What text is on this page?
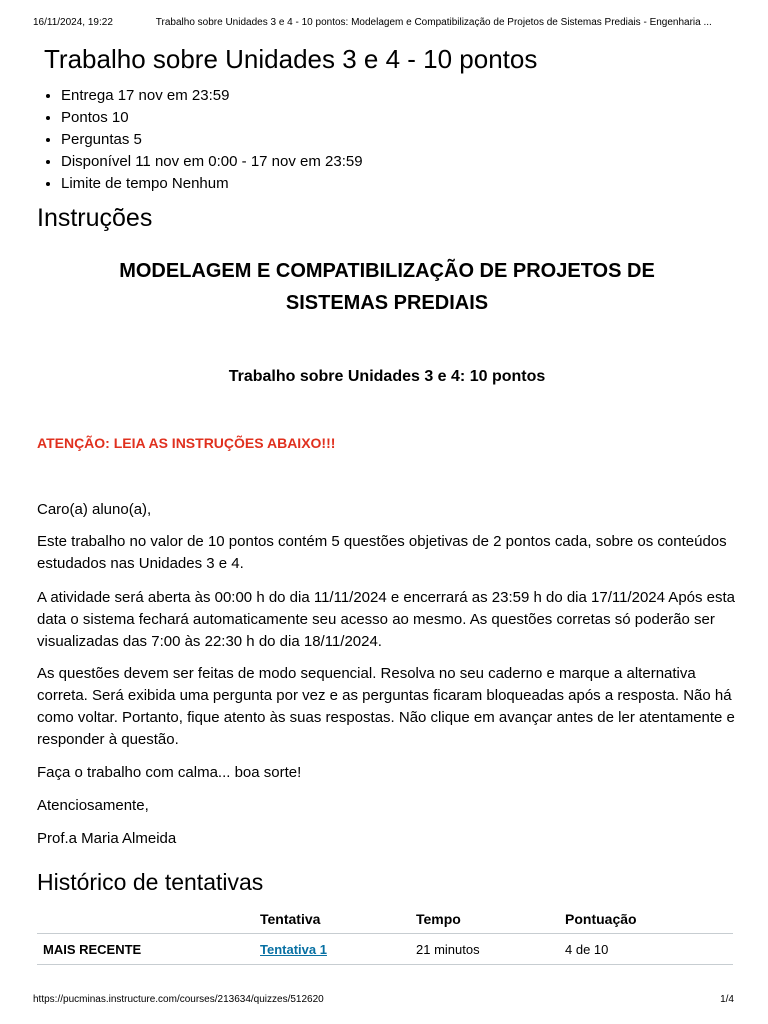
16/11/2024, 19:22	Trabalho sobre Unidades 3 e 4 - 10 pontos: Modelagem e Compatibilização de Projetos de Sistemas Prediais - Engenharia ...
Trabalho sobre Unidades 3 e 4 - 10 pontos
• Entrega 17 nov em 23:59
• Pontos 10
• Perguntas 5
• Disponível 11 nov em 0:00 - 17 nov em 23:59
• Limite de tempo Nenhum
Instruções
MODELAGEM E COMPATIBILIZAÇÃO DE PROJETOS DE
SISTEMAS PREDIAIS

Trabalho sobre Unidades 3 e 4: 10 pontos

ATENÇÃO: LEIA AS INSTRUÇÕES ABAIXO!!!

Caro(a) aluno(a),

Este trabalho no valor de 10 pontos contém 5 questões objetivas de 2 pontos cada, sobre os conteúdos estudados nas Unidades 3 e 4.

A atividade será aberta às 00:00 h do dia 11/11/2024 e encerrará as 23:59 h do dia 17/11/2024 Após esta data o sistema fechará automaticamente seu acesso ao mesmo. As questões corretas só poderão ser visualizadas das 7:00 às 22:30 h do dia 18/11/2024.

As questões devem ser feitas de modo sequencial. Resolva no seu caderno e marque a alternativa correta. Será exibida uma pergunta por vez e as perguntas ficaram bloqueadas após a resposta. Não há como voltar. Portanto, fique atento às suas respostas. Não clique em avançar antes de ler atentamente e responder à questão.

Faça o trabalho com calma... boa sorte!

Atenciosamente,

Prof.a Maria Almeida

Histórico de tentativas
	Tentativa	Tempo	Pontuação
MAIS RECENTE	Tentativa 1	21 minutos	4 de 10
https://pucminas.instructure.com/courses/213634/quizzes/512620	1/4
